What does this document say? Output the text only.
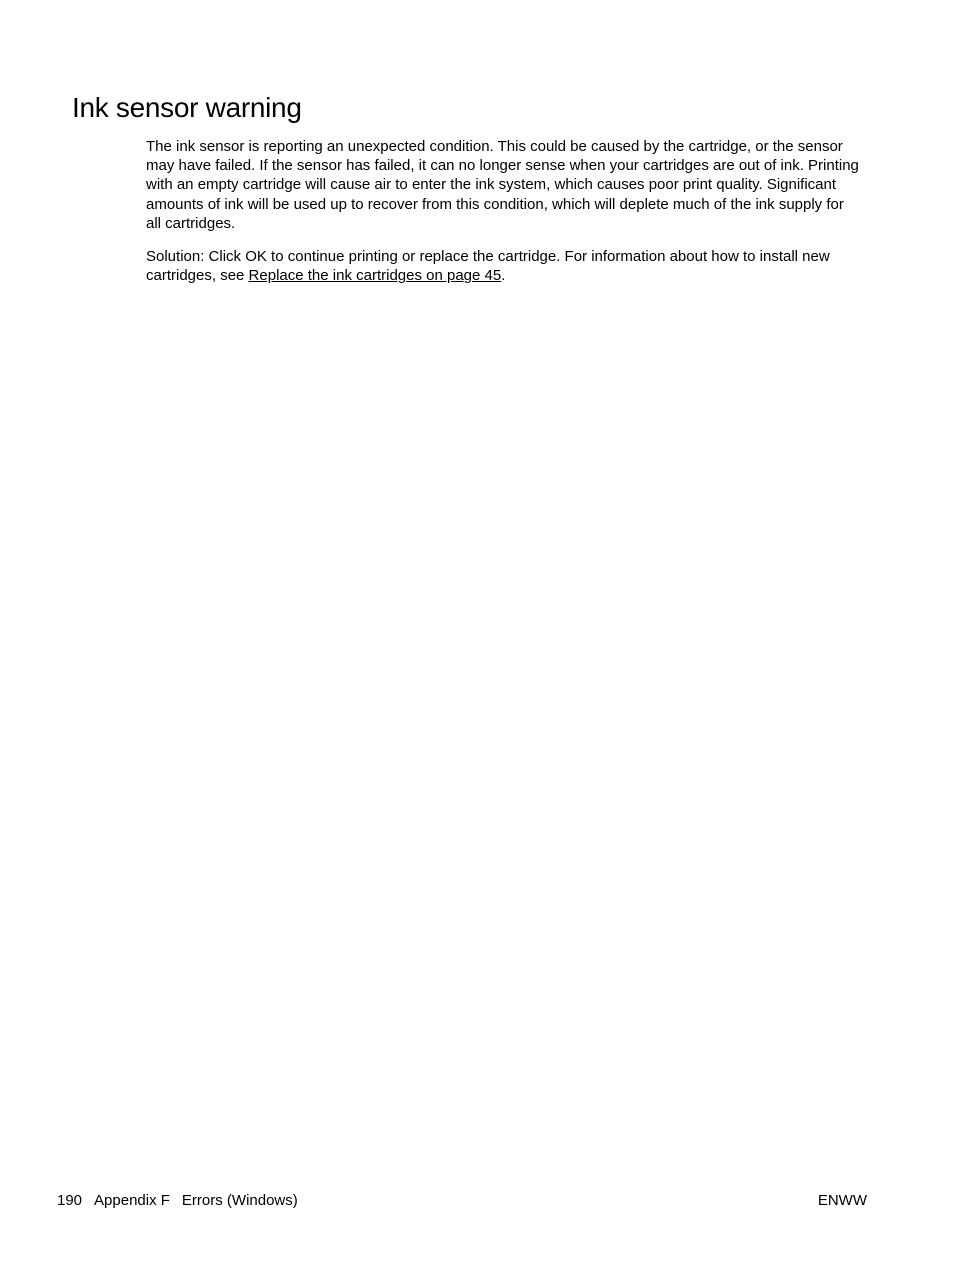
Ink sensor warning

The ink sensor is reporting an unexpected condition. This could be caused by the cartridge, or the sensor may have failed. If the sensor has failed, it can no longer sense when your cartridges are out of ink. Printing with an empty cartridge will cause air to enter the ink system, which causes poor print quality. Significant amounts of ink will be used up to recover from this condition, which will deplete much of the ink supply for all cartridges.

Solution: Click OK to continue printing or replace the cartridge. For information about how to install new cartridges, see Replace the ink cartridges on page 45.

190 Appendix F Errors (Windows)	ENWW
